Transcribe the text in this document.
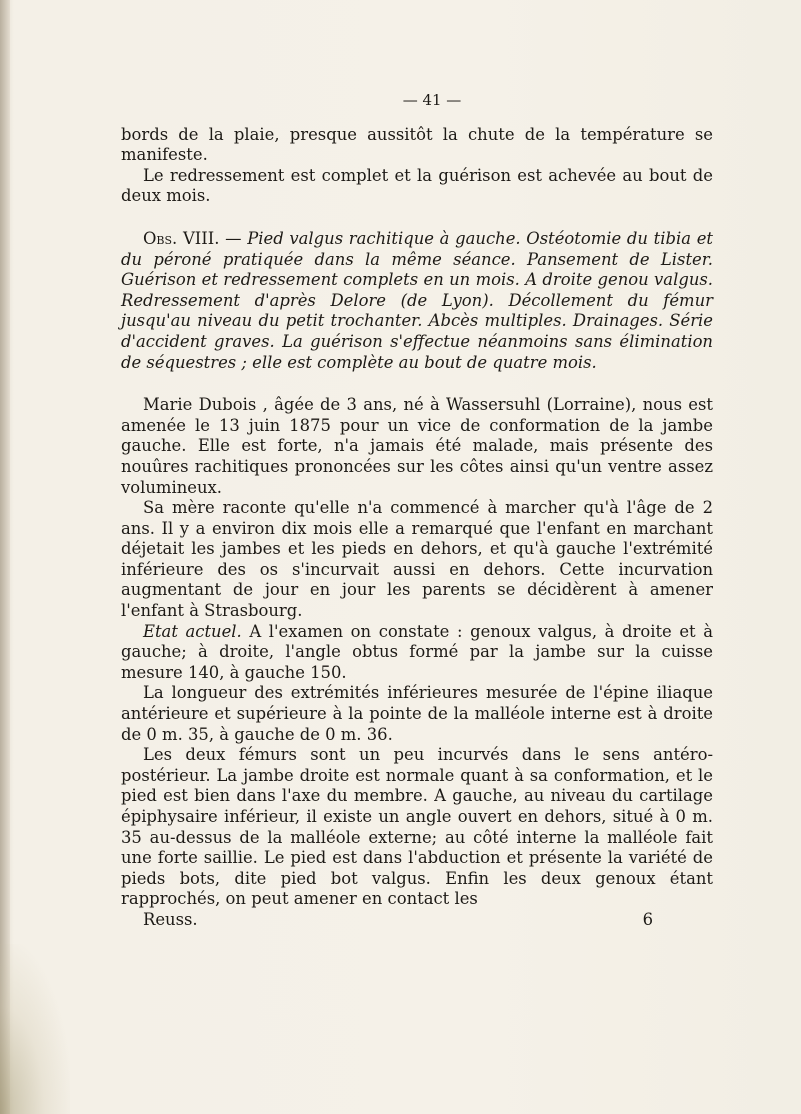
— 41 —

bords de la plaie, presque aussitôt la chute de la température se manifeste.

Le redressement est complet et la guérison est achevée au bout de deux mois.

Obs. VIII. — Pied valgus rachitique à gauche. Ostéotomie du tibia et du péroné pratiquée dans la même séance. Pansement de Lister. Guérison et redressement complets en un mois. A droite genou valgus. Redressement d'après Delore (de Lyon). Décollement du fémur jusqu'au niveau du petit trochanter. Abcès multiples. Drainages. Série d'accident graves. La guérison s'effectue néanmoins sans élimination de séquestres ; elle est complète au bout de quatre mois.

Marie Dubois , âgée de 3 ans, né à Wassersuhl (Lorraine), nous est amenée le 13 juin 1875 pour un vice de conformation de la jambe gauche. Elle est forte, n'a jamais été malade, mais présente des nouûres rachitiques prononcées sur les côtes ainsi qu'un ventre assez volumineux.

Sa mère raconte qu'elle n'a commencé à marcher qu'à l'âge de 2 ans. Il y a environ dix mois elle a remarqué que l'enfant en marchant déjetait les jambes et les pieds en dehors, et qu'à gauche l'extrémité inférieure des os s'incurvait aussi en dehors. Cette incurvation augmentant de jour en jour les parents se décidèrent à amener l'enfant à Strasbourg.

Etat actuel. A l'examen on constate : genoux valgus, à droite et à gauche; à droite, l'angle obtus formé par la jambe sur la cuisse mesure 140, à gauche 150.

La longueur des extrémités inférieures mesurée de l'épine iliaque antérieure et supérieure à la pointe de la malléole interne est à droite de 0 m. 35, à gauche de 0 m. 36.

Les deux fémurs sont un peu incurvés dans le sens antéro-postérieur. La jambe droite est normale quant à sa conformation, et le pied est bien dans l'axe du membre. A gauche, au niveau du cartilage épiphysaire inférieur, il existe un angle ouvert en dehors, situé à 0 m. 35 au-dessus de la malléole externe; au côté interne la malléole fait une forte saillie. Le pied est dans l'abduction et présente la variété de pieds bots, dite pied bot valgus. Enfin les deux genoux étant rapprochés, on peut amener en contact les

Reuss.	6
